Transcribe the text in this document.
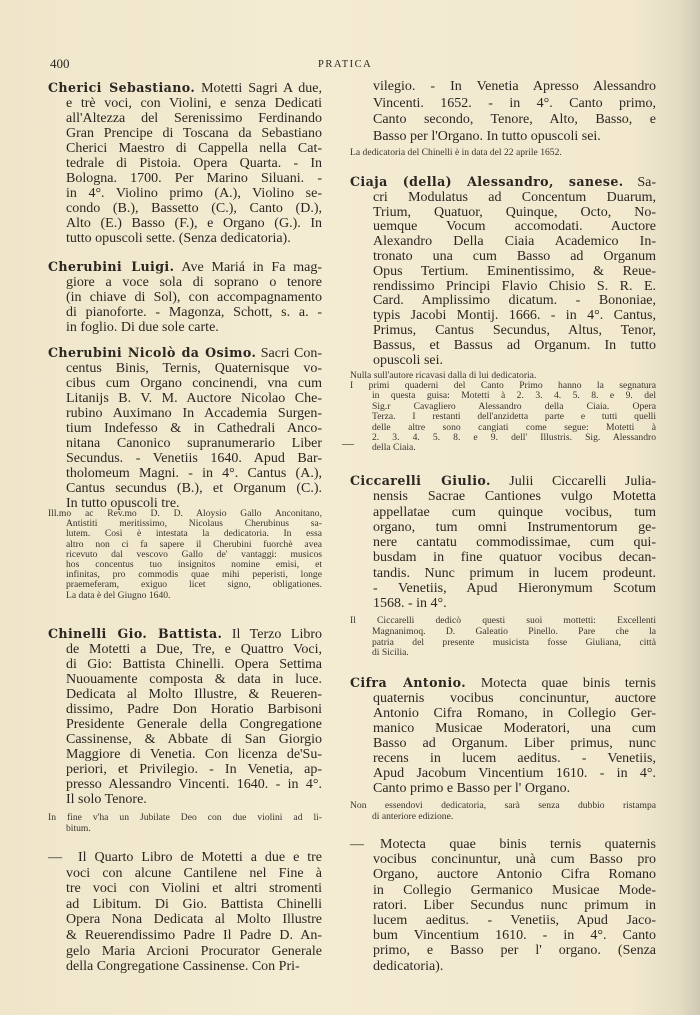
400	PRATICA
—
Cherici Sebastiano. Motetti Sagri A due,
e trè voci, con Violini, e senza Dedicati
all'Altezza del Serenissimo Ferdinando
Gran Prencipe di Toscana da Sebastiano
Cherici Maestro di Cappella nella Cat-
tedrale di Pistoia. Opera Quarta. - In
Bologna. 1700. Per Marino Siluani. -
in 4°. Violino primo (A.), Violino se-
condo (B.), Bassetto (C.), Canto (D.),
Alto (E.) Basso (F.), e Organo (G.). In
tutto opuscoli sette. (Senza dedicatoria).
Cherubini Luigi. Ave Mariá in Fa mag-
giore a voce sola di soprano o tenore
(in chiave di Sol), con accompagnamento
di pianoforte. - Magonza, Schott, s. a. -
in foglio. Di due sole carte.
Cherubini Nicolò da Osimo. Sacri Con-
centus Binis, Ternis, Quaternisque vo-
cibus cum Organo concinendi, vna cum
Litanijs B. V. M. Auctore Nicolao Che-
rubino Auximano In Accademia Surgen-
tium Indefesso & in Cathedrali Anco-
nitana Canonico supranumerario Liber
Secundus. - Venetiis 1640. Apud Bar-
tholomeum Magni. - in 4°. Cantus (A.),
Cantus secundus (B.), et Organum (C.).
In tutto opuscoli tre.
Ill.mo ac Rev.mo D. D. Aloysio Gallo Anconitano,
Antistiti meritissimo, Nicolaus Cherubinus sa-
lutem. Così è intestata la dedicatoria. In essa
altro non ci fa sapere il Cherubini fuorchè avea
ricevuto dal vescovo Gallo de' vantaggi: musicos
hos concentus tuo insignitos nomine emisi, et
infinitas, pro commodis quae mihi peperisti, longe
praemeferam, exiguo licet signo, obligationes.
La data è del Giugno 1640.
Chinelli Gio. Battista. Il Terzo Libro
de Motetti a Due, Tre, e Quattro Voci,
di Gio: Battista Chinelli. Opera Settima
Nuouamente composta & data in luce.
Dedicata al Molto Illustre, & Reueren-
dissimo, Padre Don Horatio Barbisoni
Presidente Generale della Congregatione
Cassinense, & Abbate di San Giorgio
Maggiore di Venetia. Con licenza de'Su-
periori, et Privilegio. - In Venetia, ap-
presso Alessandro Vincenti. 1640. - in 4°.
Il solo Tenore.
In fine v'ha un Jubilate Deo con due violini ad li-
bitum.
— Il Quarto Libro de Motetti a due e tre
voci con alcune Cantilene nel Fine à
tre voci con Violini et altri stromenti
ad Libitum. Di Gio. Battista Chinelli
Opera Nona Dedicata al Molto Illustre
& Reuerendissimo Padre Il Padre D. An-
gelo Maria Arcioni Procurator Generale
della Congregatione Cassinense. Con Pri-
vilegio. - In Venetia Apresso Alessandro
Vincenti. 1652. - in 4°. Canto primo,
Canto secondo, Tenore, Alto, Basso, e
Basso per l'Organo. In tutto opuscoli sei.
La dedicatoria del Chinelli è in data del 22 aprile 1652.
Ciaja (della) Alessandro, sanese. Sa-
cri Modulatus ad Concentum Duarum,
Trium, Quatuor, Quinque, Octo, No-
uemque Vocum accomodati. Auctore
Alexandro Della Ciaia Academico In-
tronato una cum Basso ad Organum
Opus Tertium. Eminentissimo, & Reue-
rendissimo Principi Flavio Chisio S. R. E.
Card. Amplissimo dicatum. - Bononiae,
typis Jacobi Montij. 1666. - in 4°. Cantus,
Primus, Cantus Secundus, Altus, Tenor,
Bassus, et Bassus ad Organum. In tutto
opuscoli sei.
Nulla sull'autore ricavasi dalla di lui dedicatoria.
I primi quaderni del Canto Primo hanno la segnatura
in questa guisa: Motetti à 2. 3. 4. 5. 8. e 9. del
Sig.r Cavagliero Alessandro della Ciaia. Opera
Terza. I restanti dell'anzidetta parte e tutti quelli
delle altre sono cangiati come segue: Motetti à
2. 3. 4. 5. 8. e 9. dell' Illustris. Sig. Alessandro
della Ciaia.
Ciccarelli Giulio. Julii Ciccarelli Julia-
nensis Sacrae Cantiones vulgo Motetta
appellatae cum quinque vocibus, tum
organo, tum omni Instrumentorum ge-
nere cantatu commodissimae, cum qui-
busdam in fine quatuor vocibus decan-
tandis. Nunc primum in lucem prodeunt.
- Venetiis, Apud Hieronymum Scotum
1568. - in 4°.
Il Ciccarelli dedicò questi suoi mottetti: Excellenti
Magnanimoq. D. Galeatio Pinello. Pare che la
patria del presente musicista fosse Giuliana, città
di Sicilia.
Cifra Antonio. Motecta quae binis ternis
quaternis vocibus concinuntur, auctore
Antonio Cifra Romano, in Collegio Ger-
manico Musicae Moderatori, una cum
Basso ad Organum. Liber primus, nunc
recens in lucem aeditus. - Venetiis,
Apud Jacobum Vincentium 1610. - in 4°.
Canto primo e Basso per l' Organo.
Non essendovi dedicatoria, sarà senza dubbio ristampa
di anteriore edizione.
— Motecta quae binis ternis quaternis
vocibus concinuntur, unà cum Basso pro
Organo, auctore Antonio Cifra Romano
in Collegio Germanico Musicae Mode-
ratori. Liber Secundus nunc primum in
lucem aeditus. - Venetiis, Apud Jaco-
bum Vincentium 1610. - in 4°. Canto
primo, e Basso per l' organo. (Senza
dedicatoria).
